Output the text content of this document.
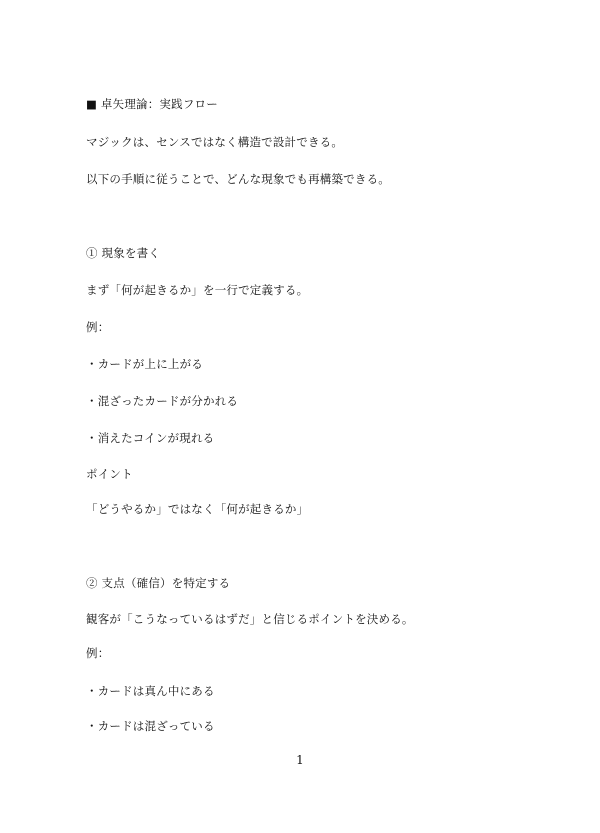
■ 卓矢理論：実践フロー
マジックは、センスではなく構造で設計できる。
以下の手順に従うことで、どんな現象でも再構築できる。
① 現象を書く
まず「何が起きるか」を一行で定義する。
例：
・カードが上に上がる
・混ざったカードが分かれる
・消えたコインが現れる
ポイント
「どうやるか」ではなく「何が起きるか」
② 支点（確信）を特定する
観客が「こうなっているはずだ」と信じるポイントを決める。
例：
・カードは真ん中にある
・カードは混ざっている
1
